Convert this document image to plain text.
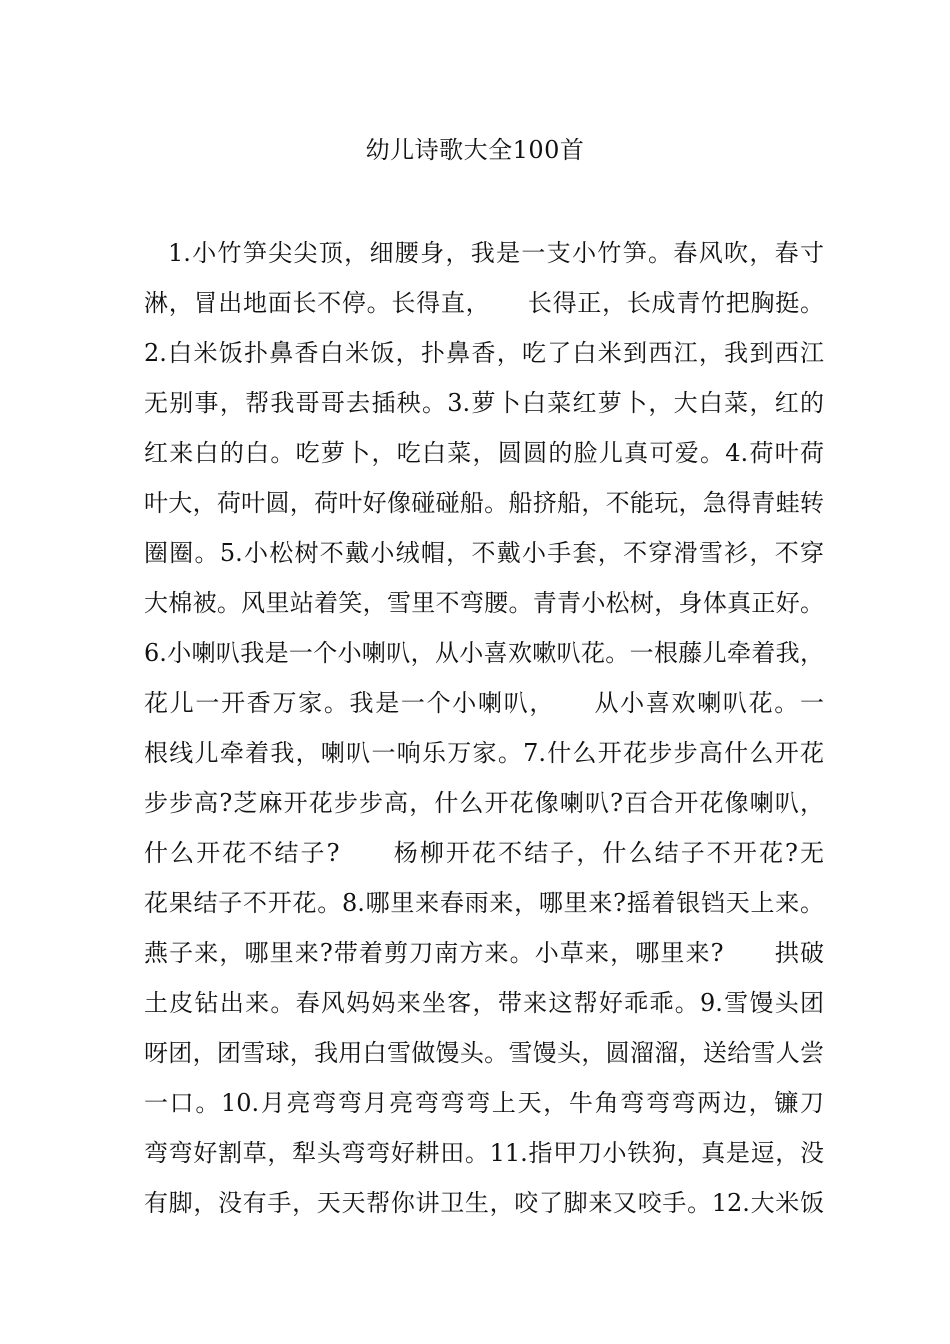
幼儿诗歌大全100首
1.小竹笋尖尖顶，细腰身，我是一支小竹笋。春风吹，春寸
淋，冒出地面长不停。长得直，　　长得正，长成青竹把胸挺。
2.白米饭扑鼻香白米饭，扑鼻香，吃了白米到西江，我到西江
无别事，帮我哥哥去插秧。3.萝卜白菜红萝卜，大白菜，红的
红来白的白。吃萝卜，吃白菜，圆圆的脸儿真可爱。4.荷叶荷
叶大，荷叶圆，荷叶好像碰碰船。船挤船，不能玩，急得青蛙转
圈圈。5.小松树不戴小绒帽，不戴小手套，不穿滑雪衫，不穿
大棉被。风里站着笑，雪里不弯腰。青青小松树，身体真正好。
6.小喇叭我是一个小喇叭，从小喜欢嗽叭花。一根藤儿牵着我，
花儿一开香万家。我是一个小喇叭，　　从小喜欢喇叭花。一
根线儿牵着我，喇叭一响乐万家。7.什么开花步步高什么开花
步步高?芝麻开花步步高，什么开花像喇叭?百合开花像喇叭，
什么开花不结子?　　杨柳开花不结子，什么结子不开花?无
花果结子不开花。8.哪里来春雨来，哪里来?摇着银铛天上来。
燕子来，哪里来?带着剪刀南方来。小草来，哪里来?　　拱破
土皮钻出来。春风妈妈来坐客，带来这帮好乖乖。9.雪馒头团
呀团，团雪球，我用白雪做馒头。雪馒头，圆溜溜，送给雪人尝
一口。10.月亮弯弯月亮弯弯弯上天，牛角弯弯弯两边，镰刀
弯弯好割草，犁头弯弯好耕田。11.指甲刀小铁狗，真是逗，没
有脚，没有手，天天帮你讲卫生，咬了脚来又咬手。12.大米饭
